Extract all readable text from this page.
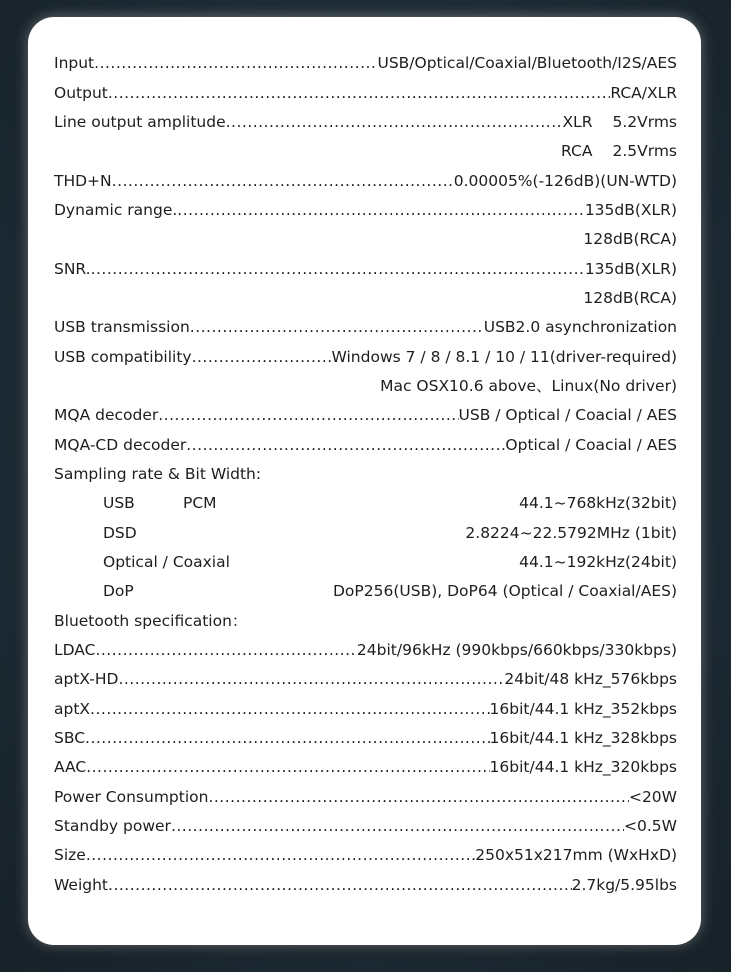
Input .....	USB/Optical/Coaxial/Bluetooth/I2S/AES
Output .....	RCA/XLR
Line output amplitude .....	XLR 5.2Vrms
RCA 2.5Vrms
THD+N .....	0.00005%(-126dB)(UN-WTD)
Dynamic range. .....	135dB(XLR)
128dB(RCA)
SNR. .....	135dB(XLR)
128dB(RCA)
USB transmission .....	USB2.0 asynchronization
USB compatibility .....	Windows 7 / 8 / 8.1 / 10 / 11(driver-required)
Mac OSX10.6 above、Linux(No driver)
MQA decoder .....	USB / Optical / Coacial / AES
MQA-CD decoder .....	Optical / Coacial / AES
Sampling rate & Bit Width:
USB	PCM	44.1~768kHz(32bit)
DSD	2.8224~22.5792MHz (1bit)
Optical / Coaxial	44.1~192kHz(24bit)
DoP	DoP256(USB), DoP64 (Optical / Coaxial/AES)
Bluetooth specification：
LDAC .....	24bit/96kHz (990kbps/660kbps/330kbps)
aptX-HD .....	24bit/48 kHz_576kbps
aptX .....	16bit/44.1 kHz_352kbps
SBC .....	16bit/44.1 kHz_328kbps
AAC .....	16bit/44.1 kHz_320kbps
Power Consumption .....	<20W
Standby power .....	<0.5W
Size .....	250x51x217mm (WxHxD)
Weight .....	2.7kg/5.95lbs
